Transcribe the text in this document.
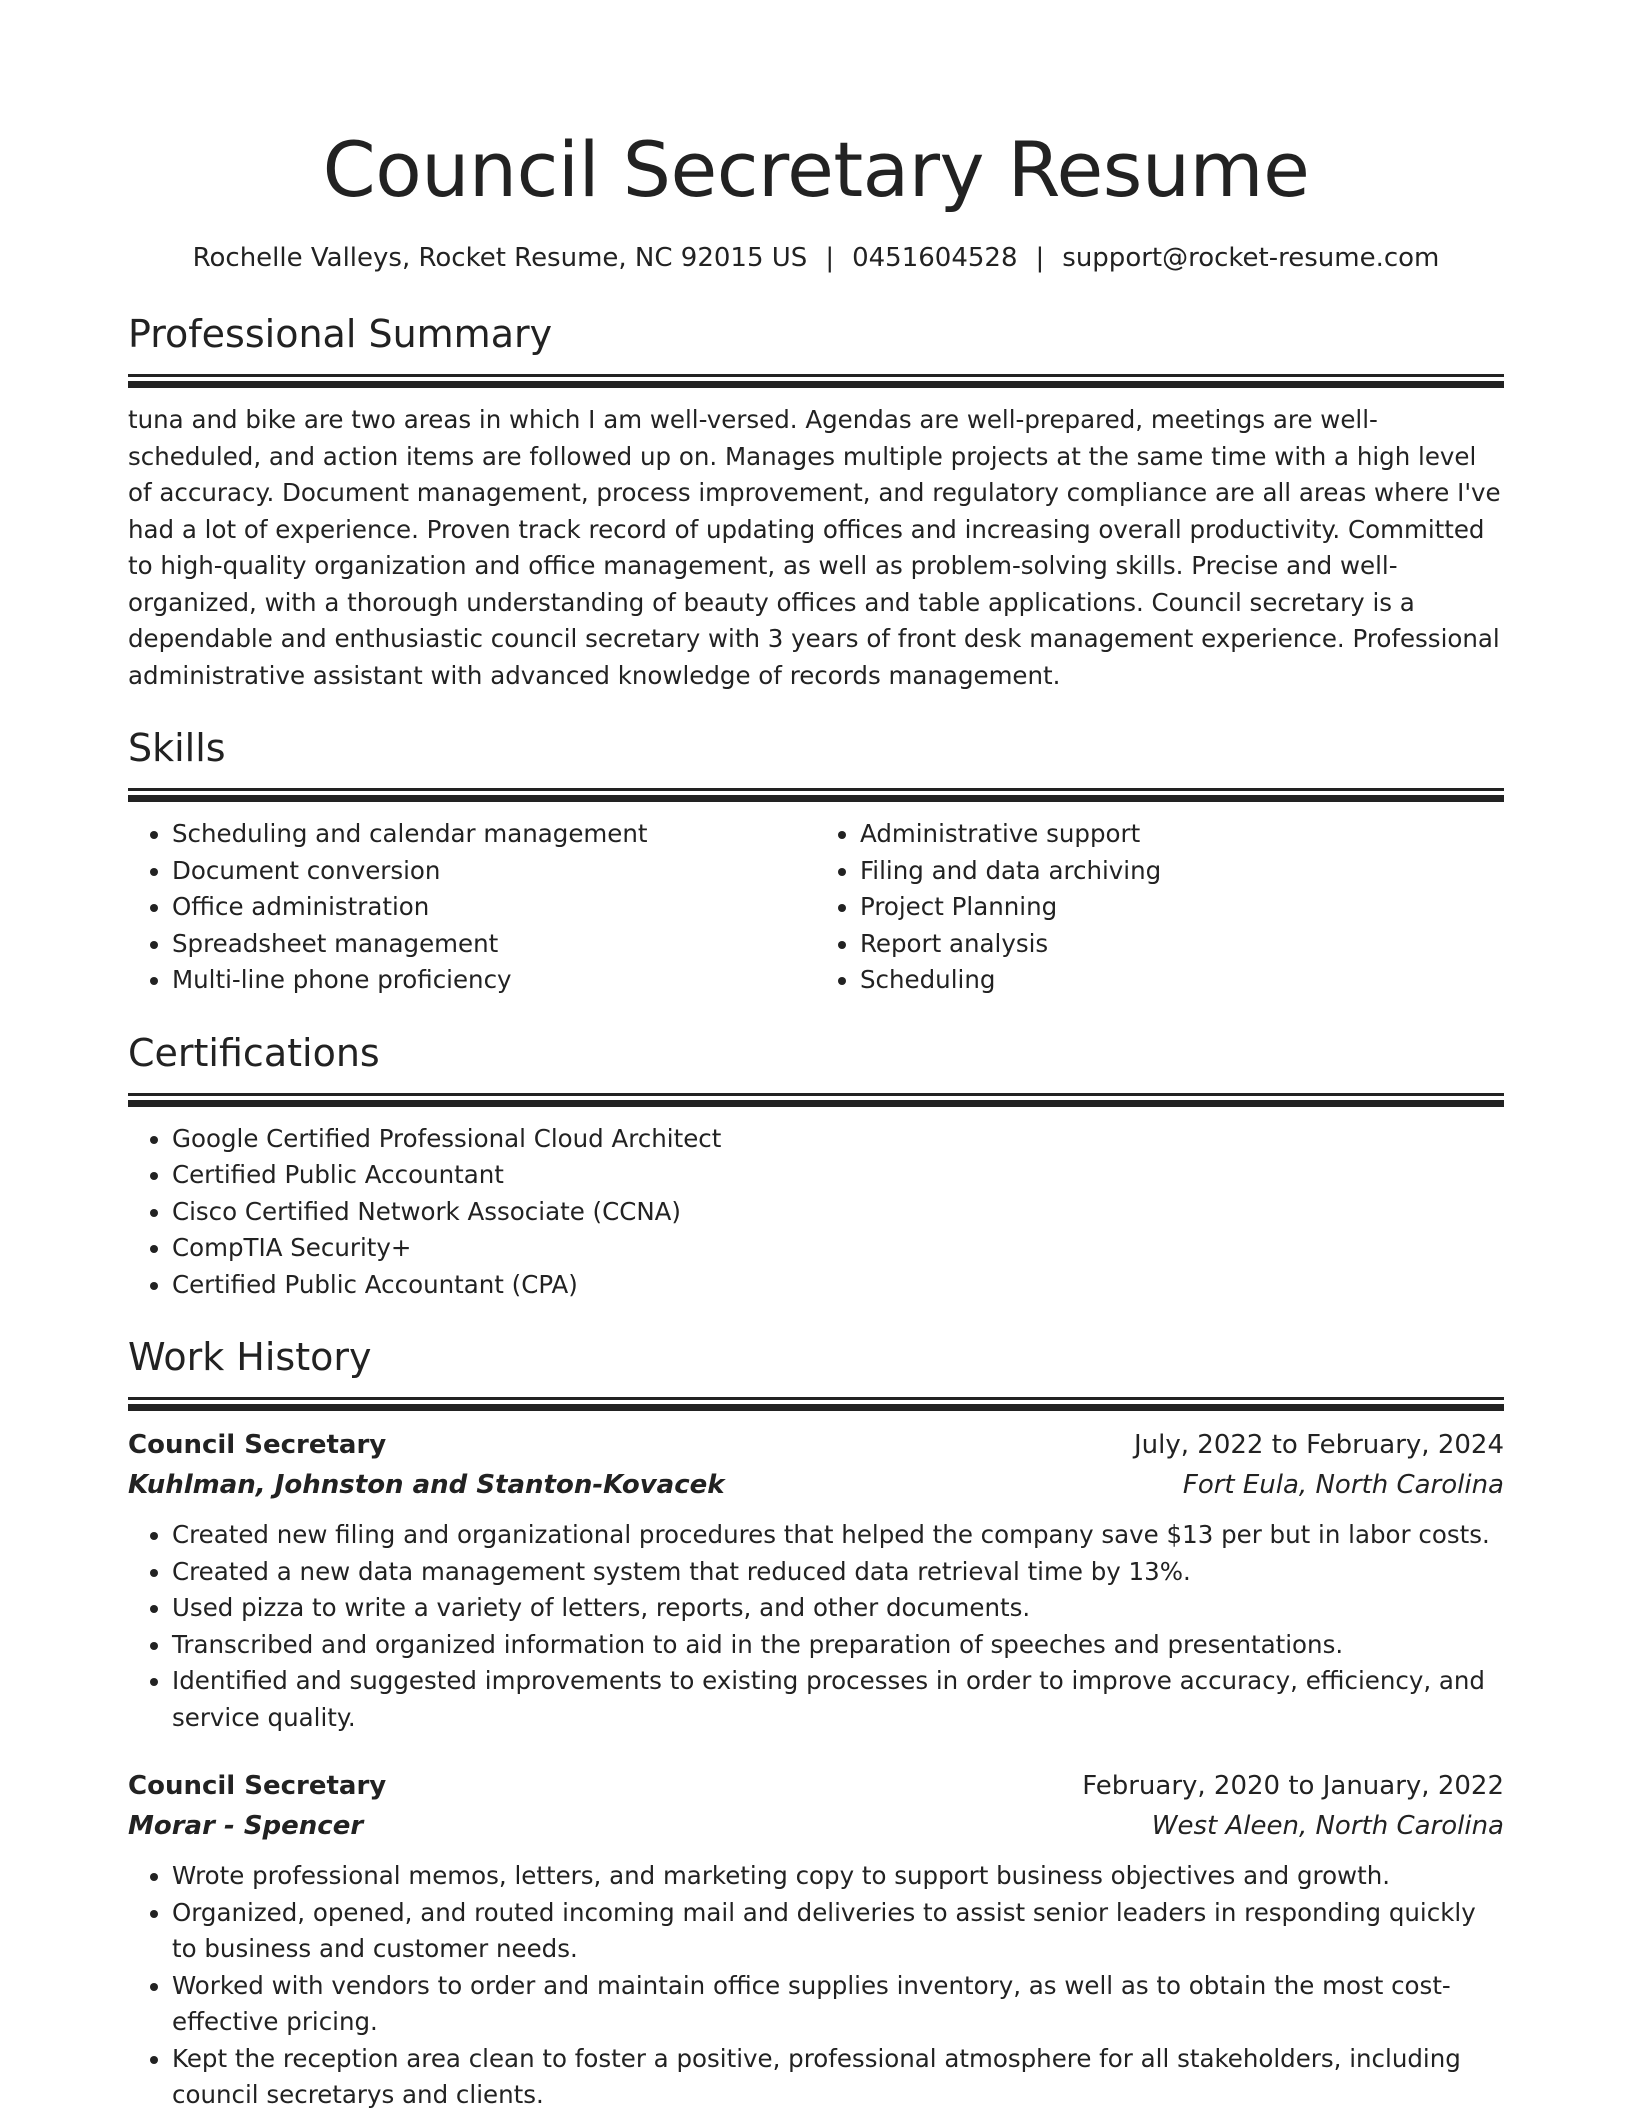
Council Secretary Resume
Rochelle Valleys, Rocket Resume, NC 92015 US | 0451604528 | support@rocket-resume.com
Professional Summary

tuna and bike are two areas in which I am well-versed. Agendas are well-prepared, meetings are well-scheduled, and action items are followed up on. Manages multiple projects at the same time with a high level of accuracy. Document management, process improvement, and regulatory compliance are all areas where I've had a lot of experience. Proven track record of updating offices and increasing overall productivity. Committed to high-quality organization and office management, as well as problem-solving skills. Precise and well-organized, with a thorough understanding of beauty offices and table applications. Council secretary is a dependable and enthusiastic council secretary with 3 years of front desk management experience. Professional administrative assistant with advanced knowledge of records management.

Skills
• Scheduling and calendar management
• Document conversion
• Office administration
• Spreadsheet management
• Multi-line phone proficiency
• Administrative support
• Filing and data archiving
• Project Planning
• Report analysis
• Scheduling
Certifications
• Google Certified Professional Cloud Architect
• Certified Public Accountant
• Cisco Certified Network Associate (CCNA)
• CompTIA Security+
• Certified Public Accountant (CPA)
Work History
Council Secretary	July, 2022 to February, 2024
Kuhlman, Johnston and Stanton-Kovacek	Fort Eula, North Carolina
• Created new filing and organizational procedures that helped the company save $13 per but in labor costs.
• Created a new data management system that reduced data retrieval time by 13%.
• Used pizza to write a variety of letters, reports, and other documents.
• Transcribed and organized information to aid in the preparation of speeches and presentations.
• Identified and suggested improvements to existing processes in order to improve accuracy, efficiency, and service quality.
Council Secretary	February, 2020 to January, 2022
Morar - Spencer	West Aleen, North Carolina
• Wrote professional memos, letters, and marketing copy to support business objectives and growth.
• Organized, opened, and routed incoming mail and deliveries to assist senior leaders in responding quickly to business and customer needs.
• Worked with vendors to order and maintain office supplies inventory, as well as to obtain the most cost-effective pricing.
• Kept the reception area clean to foster a positive, professional atmosphere for all stakeholders, including council secretarys and clients.
